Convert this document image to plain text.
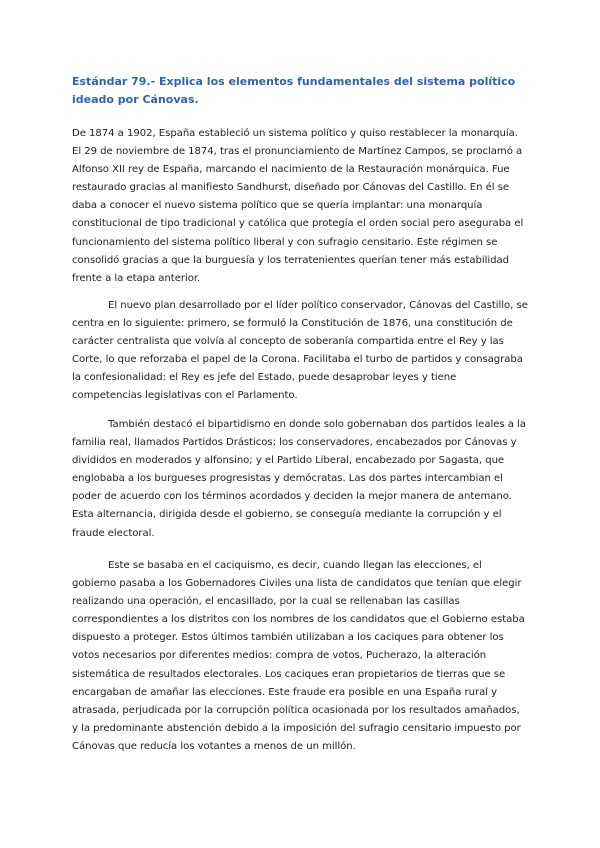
Estándar 79.- Explica los elementos fundamentales del sistema político ideado por Cánovas.

De 1874 a 1902, España estableció un sistema político y quiso restablecer la monarquía. El 29 de noviembre de 1874, tras el pronunciamiento de Martínez Campos, se proclamó a Alfonso XII rey de España, marcando el nacimiento de la Restauración monárquica. Fue restaurado gracias al manifiesto Sandhurst, diseñado por Cánovas del Castillo. En él se daba a conocer el nuevo sistema político que se quería implantar: una monarquía constitucional de tipo tradicional y católica que protegía el orden social pero aseguraba el funcionamiento del sistema político liberal y con sufragio censitario. Este régimen se consolidó gracias a que la burguesía y los terratenientes querían tener más estabilidad frente a la etapa anterior.

El nuevo plan desarrollado por el líder político conservador, Cánovas del Castillo, se centra en lo siguiente: primero, se formuló la Constitución de 1876, una constitución de carácter centralista que volvía al concepto de soberanía compartida entre el Rey y las Corte, lo que reforzaba el papel de la Corona. Facilitaba el turbo de partidos y consagraba la confesionalidad: el Rey es jefe del Estado, puede desaprobar leyes y tiene competencias legislativas con el Parlamento.

También destacó el bipartidismo en donde solo gobernaban dos partidos leales a la familia real, llamados Partidos Drásticos; los conservadores, encabezados por Cánovas y divididos en moderados y alfonsino; y el Partido Liberal, encabezado por Sagasta, que englobaba a los burgueses progresistas y demócratas. Las dos partes intercambian el poder de acuerdo con los términos acordados y deciden la mejor manera de antemano. Esta alternancia, dirigida desde el gobierno, se conseguía mediante la corrupción y el fraude electoral.

Este se basaba en el caciquismo, es decir, cuando llegan las elecciones, el gobierno pasaba a los Gobernadores Civiles una lista de candidatos que tenían que elegir realizando una operación, el encasillado, por la cual se rellenaban las casillas correspondientes a los distritos con los nombres de los candidatos que el Gobierno estaba dispuesto a proteger. Estos últimos también utilizaban a los caciques para obtener los votos necesarios por diferentes medios: compra de votos, Pucherazo, la alteración sistemática de resultados electorales. Los caciques eran propietarios de tierras que se encargaban de amañar las elecciones. Este fraude era posible en una España rural y atrasada, perjudicada por la corrupción política ocasionada por los resultados amañados, y la predominante abstención debido a la imposición del sufragio censitario impuesto por Cánovas que reducía los votantes a menos de un millón.
